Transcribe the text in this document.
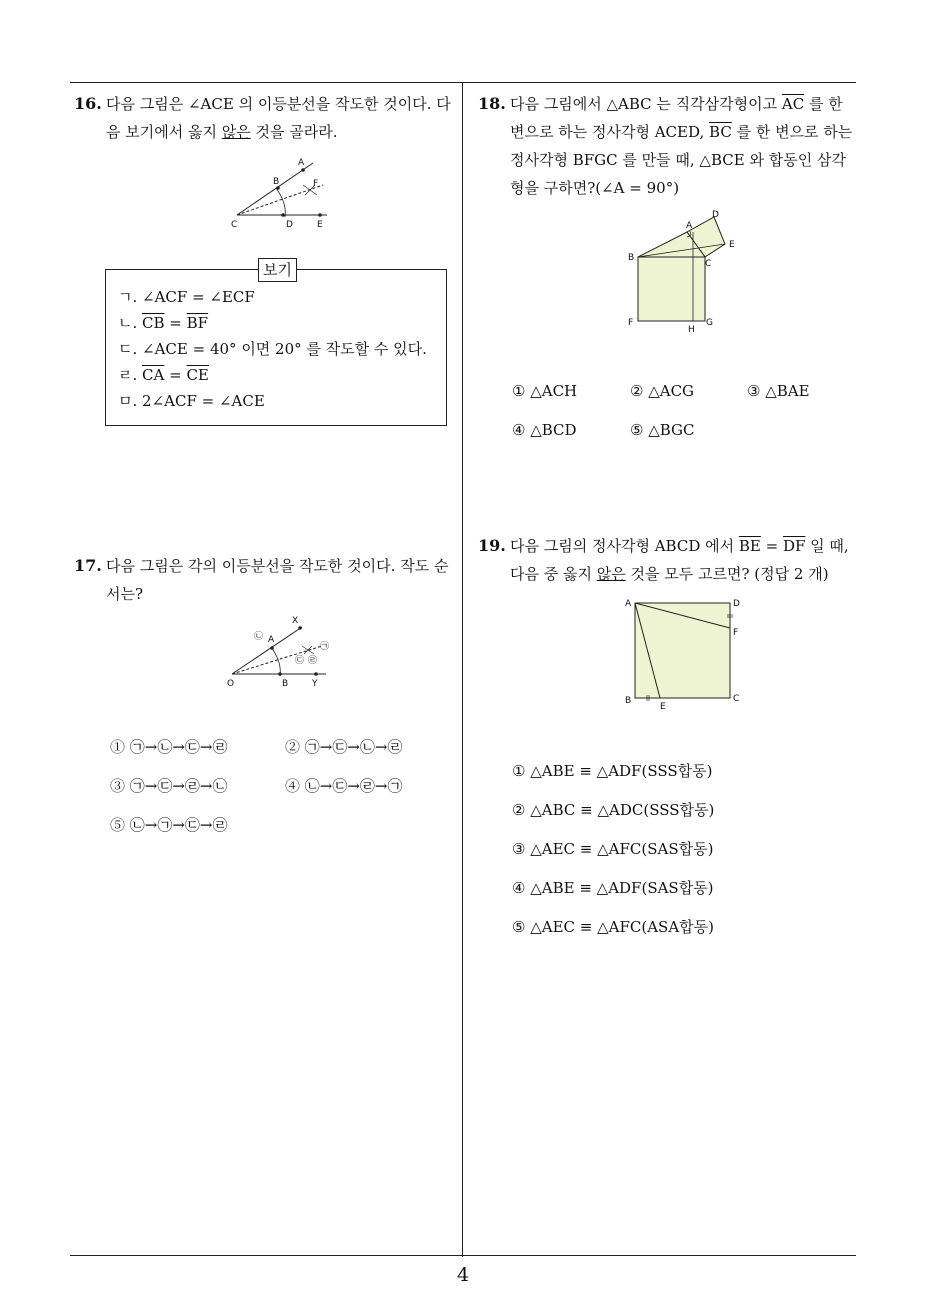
16. 다음 그림은 ∠ACE 의 이등분선을 작도한 것이다. 다
음 보기에서 옳지 않은 것을 골라라.
A
B	F
C	D	E
보기
ㄱ. ∠ACF = ∠ECF
ㄴ. $\overline{CB} = \overline{BF}$
ㄷ. ∠ACE = 40° 이면 20° 를 작도할 수 있다.
ㄹ. $\overline{CA} = \overline{CE}$
ㅁ. 2∠ACF = ∠ACE
17. 다음 그림은 각의 이등분선을 작도한 것이다. 작도 순
서는?
X
A
O	B	Y
㉠
㉡
㉢ ㉣
① ㉠→㉡→㉢→㉣	② ㉠→㉢→㉡→㉣
③ ㉠→㉢→㉣→㉡	④ ㉡→㉢→㉣→㉠
⑤ ㉡→㉠→㉢→㉣
18. 다음 그림에서 △ABC 는 직각삼각형이고 $\overline{AC}$ 를 한
변으로 하는 정사각형 ACED, $\overline{BC}$ 를 한 변으로 하는
정사각형 BFGC 를 만들 때, △BCE 와 합동인 삼각
형을 구하면?(∠A = 90°)
A
D
B
E
C
F
H
G
① △ACH	② △ACG	③ △BAE
④ △BCD	⑤ △BGC
19. 다음 그림의 정사각형 ABCD 에서 $\overline{BE} = \overline{DF}$ 일 때,
다음 중 옳지 않은 것을 모두 고르면? (정답 2 개)
A	D
F
B
E
C
① △ABE ≡ △ADF(SSS합동)
② △ABC ≡ △ADC(SSS합동)
③ △AEC ≡ △AFC(SAS합동)
④ △ABE ≡ △ADF(SAS합동)
⑤ △AEC ≡ △AFC(ASA합동)
4
